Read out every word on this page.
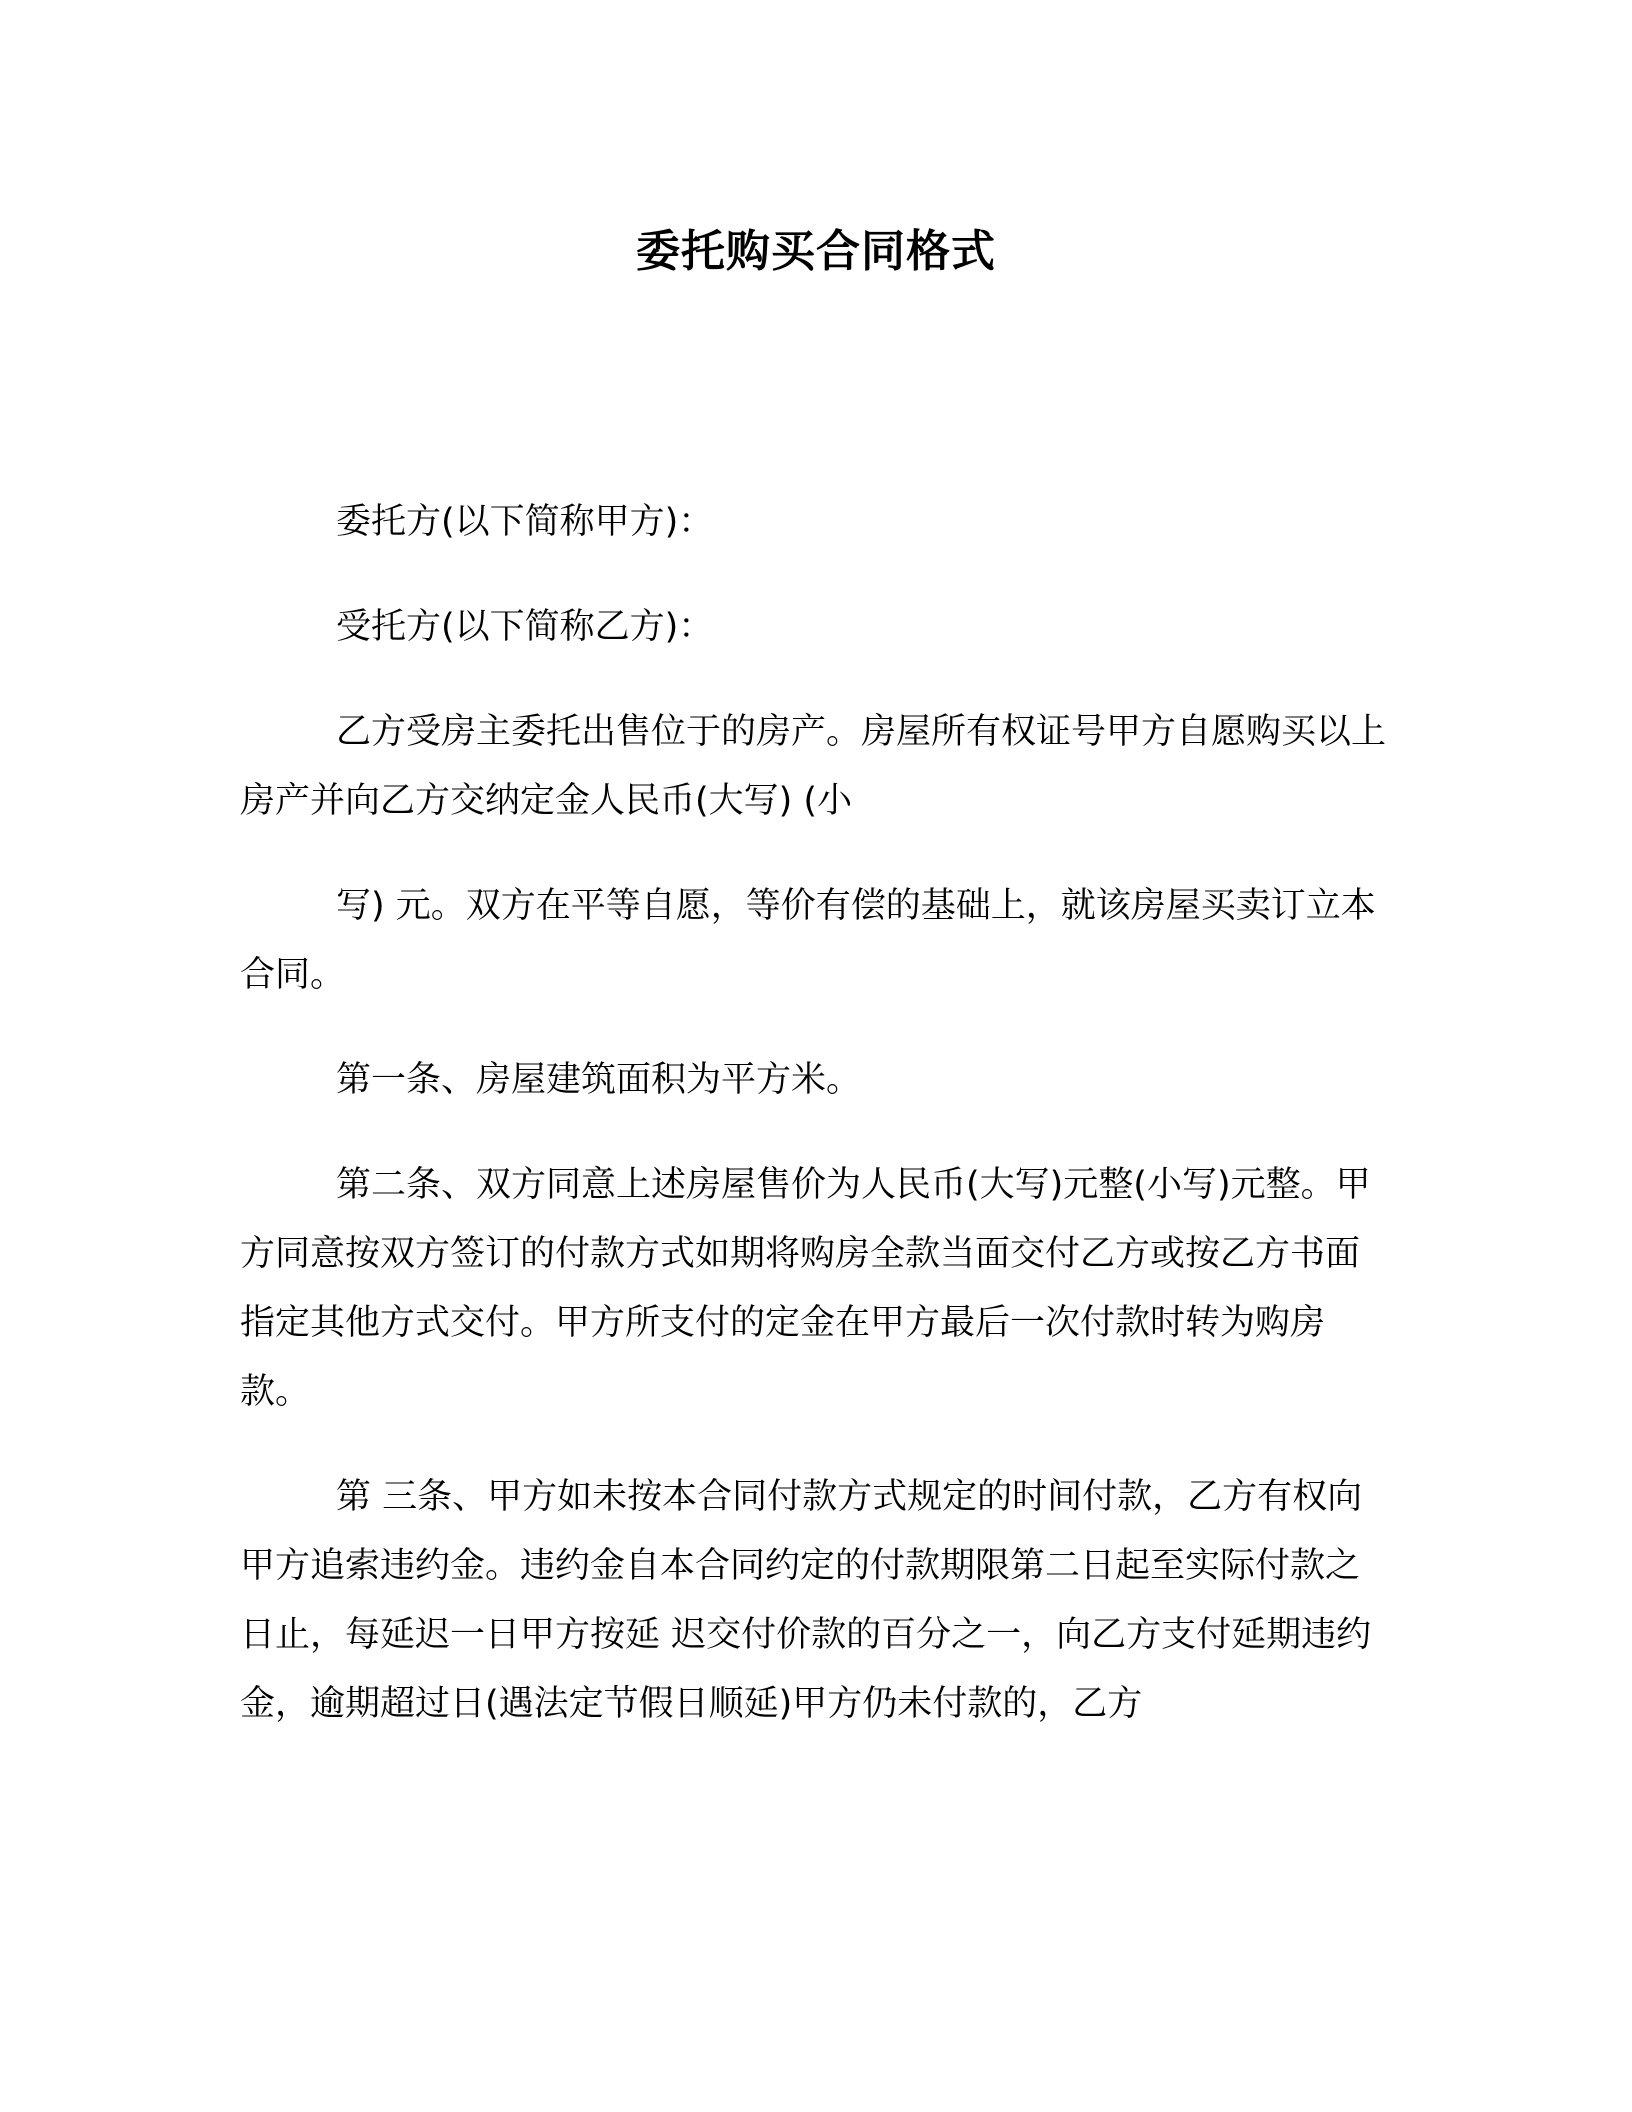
委托购买合同格式

委托方(以下简称甲方)：

受托方(以下简称乙方)：

乙方受房主委托出售位于的房产。房屋所有权证号甲方自愿购买以上房产并向乙方交纳定金人民币(大写) (小

写) 元。双方在平等自愿，等价有偿的基础上，就该房屋买卖订立本合同。

第一条、房屋建筑面积为平方米。

第二条、双方同意上述房屋售价为人民币(大写)元整(小写)元整。甲方同意按双方签订的付款方式如期将购房全款当面交付乙方或按乙方书面指定其他方式交付。甲方所支付的定金在甲方最后一次付款时转为购房款。

第 三条、甲方如未按本合同付款方式规定的时间付款，乙方有权向甲方追索违约金。违约金自本合同约定的付款期限第二日起至实际付款之日止，每延迟一日甲方按延 迟交付价款的百分之一，向乙方支付延期违约金，逾期超过日(遇法定节假日顺延)甲方仍未付款的，乙方
